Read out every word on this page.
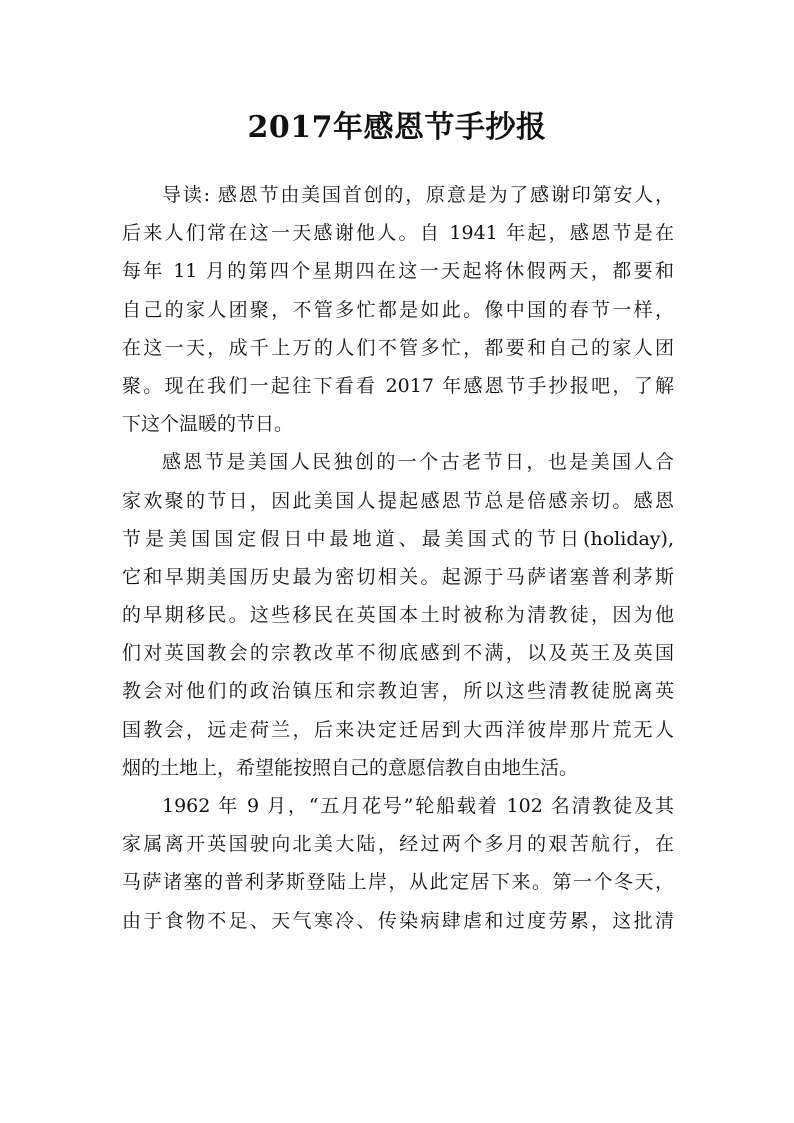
2017年感恩节手抄报
导读: 感恩节由美国首创的，原意是为了感谢印第安人，
后来人们常在这一天感谢他人。自 1941 年起，感恩节是在
每年 11 月的第四个星期四在这一天起将休假两天，都要和
自己的家人团聚，不管多忙都是如此。像中国的春节一样，
在这一天，成千上万的人们不管多忙，都要和自己的家人团
聚。现在我们一起往下看看 2017 年感恩节手抄报吧，了解
下这个温暖的节日。
感恩节是美国人民独创的一个古老节日，也是美国人合
家欢聚的节日，因此美国人提起感恩节总是倍感亲切。感恩
节是美国国定假日中最地道、最美国式的节日(holiday),
它和早期美国历史最为密切相关。起源于马萨诸塞普利茅斯
的早期移民。这些移民在英国本土时被称为清教徒，因为他
们对英国教会的宗教改革不彻底感到不满，以及英王及英国
教会对他们的政治镇压和宗教迫害，所以这些清教徒脱离英
国教会，远走荷兰，后来决定迁居到大西洋彼岸那片荒无人
烟的土地上，希望能按照自己的意愿信教自由地生活。
1962 年 9 月，“五月花号”轮船载着 102 名清教徒及其
家属离开英国驶向北美大陆，经过两个多月的艰苦航行，在
马萨诸塞的普利茅斯登陆上岸，从此定居下来。第一个冬天，
由于食物不足、天气寒冷、传染病肆虐和过度劳累，这批清
